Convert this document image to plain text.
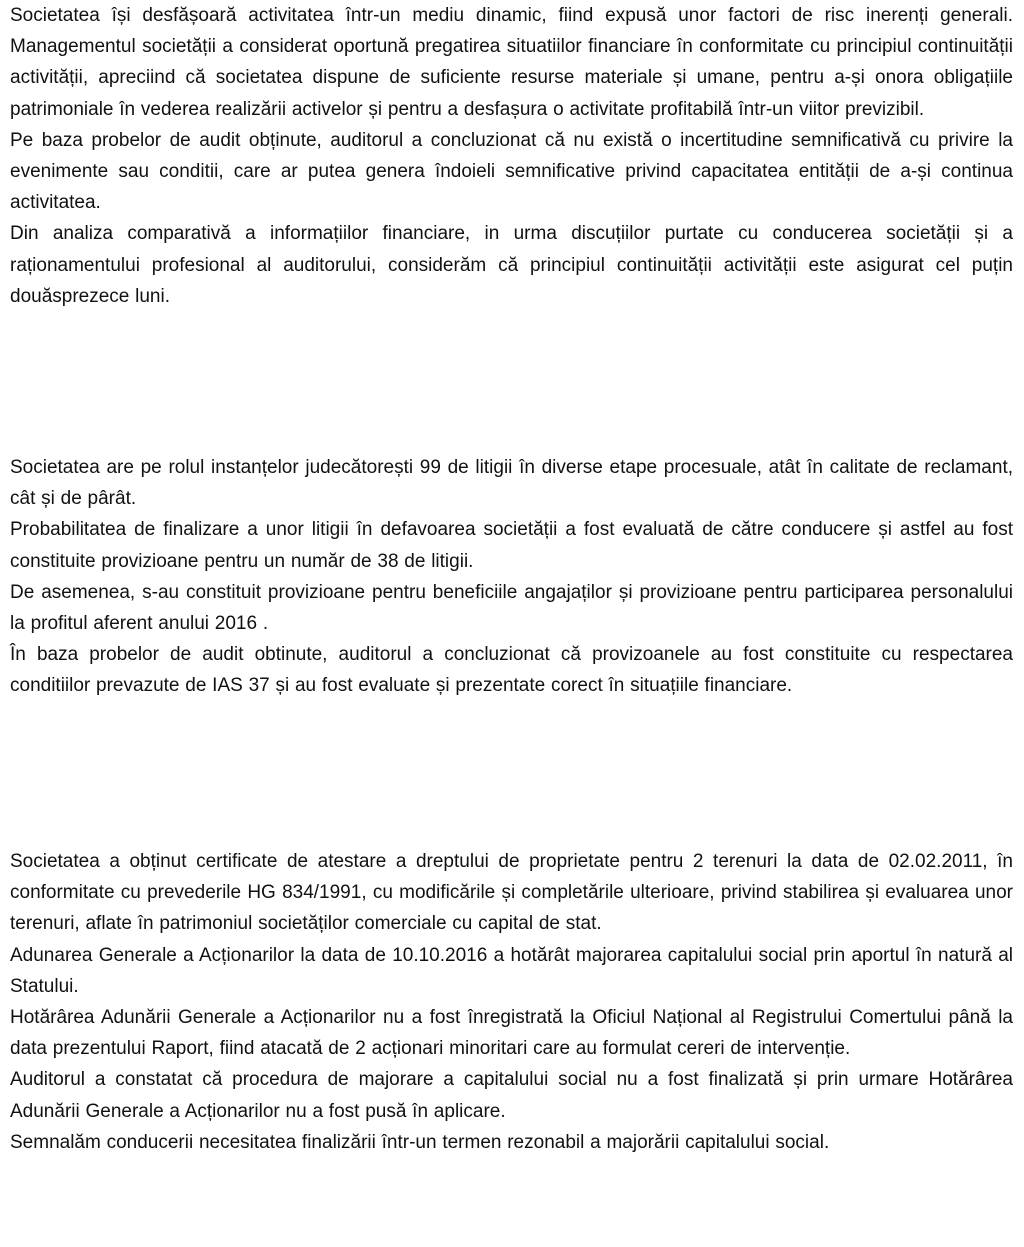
Societatea își desfășoară activitatea într-un mediu dinamic, fiind expusă unor factori de risc inerenți generali. Managementul societății a considerat oportună pregatirea situatiilor financiare în conformitate cu principiul continuității activității, apreciind că societatea dispune de suficiente resurse materiale și umane, pentru a-și onora obligațiile patrimoniale în vederea realizării activelor și pentru a desfașura o activitate profitabilă într-un viitor previzibil.

Pe baza probelor de audit obținute, auditorul a concluzionat că nu există o incertitudine semnificativă cu privire la evenimente sau conditii, care ar putea genera îndoieli semnificative privind capacitatea entității de a-și continua activitatea.

Din analiza comparativă a informațiilor financiare, in urma discuțiilor purtate cu conducerea societății și a raționamentului profesional al auditorului, considerăm că principiul continuității activității este asigurat cel puțin douăsprezece luni.

Societatea are pe rolul instanțelor judecătorești 99 de litigii în diverse etape procesuale, atât în calitate de reclamant, cât și de pârât.

Probabilitatea de finalizare a unor litigii în defavoarea societății a fost evaluată de către conducere și astfel au fost constituite provizioane pentru un număr de 38 de litigii.

De asemenea, s-au constituit provizioane pentru beneficiile angajaților și provizioane pentru participarea personalului la profitul aferent anului 2016 .

În baza probelor de audit obtinute, auditorul a concluzionat că provizoanele au fost constituite cu respectarea conditiilor prevazute de IAS 37 și au fost evaluate și prezentate corect în situațiile financiare.

Societatea a obținut certificate de atestare a dreptului de proprietate pentru 2 terenuri la data de 02.02.2011, în conformitate cu prevederile HG 834/1991, cu modificările și completările ulterioare, privind stabilirea și evaluarea unor terenuri, aflate în patrimoniul societăților comerciale cu capital de stat.

Adunarea Generale a Acționarilor la data de 10.10.2016 a hotărât majorarea capitalului social prin aportul în natură al Statului.

Hotărârea Adunării Generale a Acționarilor nu a fost înregistrată la Oficiul Național al Registrului Comertului până la data prezentului Raport, fiind atacată de 2 acționari minoritari care au formulat cereri de intervenție.

Auditorul a constatat că procedura de majorare a capitalului social nu a fost finalizată și prin urmare Hotărârea Adunării Generale a Acționarilor nu a fost pusă în aplicare.

Semnalăm conducerii necesitatea finalizării într-un termen rezonabil a majorării capitalului social.
